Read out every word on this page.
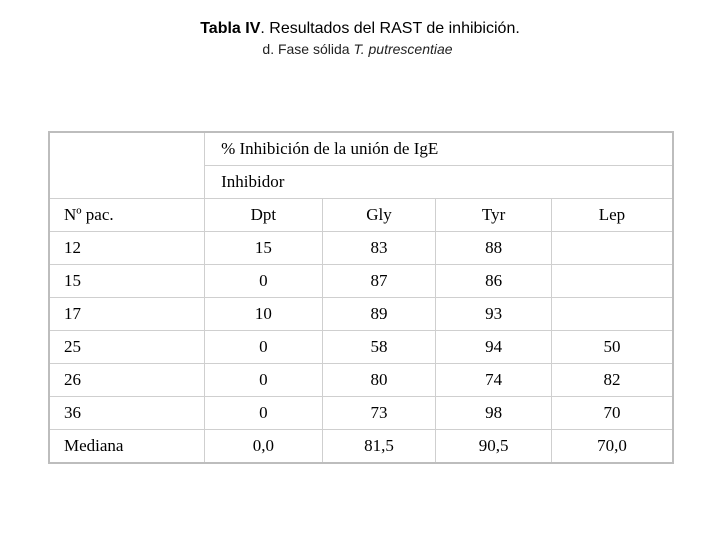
Tabla IV. Resultados del RAST de inhibición.
d. Fase sólida T. putrescentiae
	% Inhibición de la unión de IgE			
	Inhibidor			
Nº pac.	Dpt	Gly	Tyr	Lep
12	15	83	88	
15	0	87	86	
17	10	89	93	
25	0	58	94	50
26	0	80	74	82
36	0	73	98	70
Mediana	0,0	81,5	90,5	70,0
